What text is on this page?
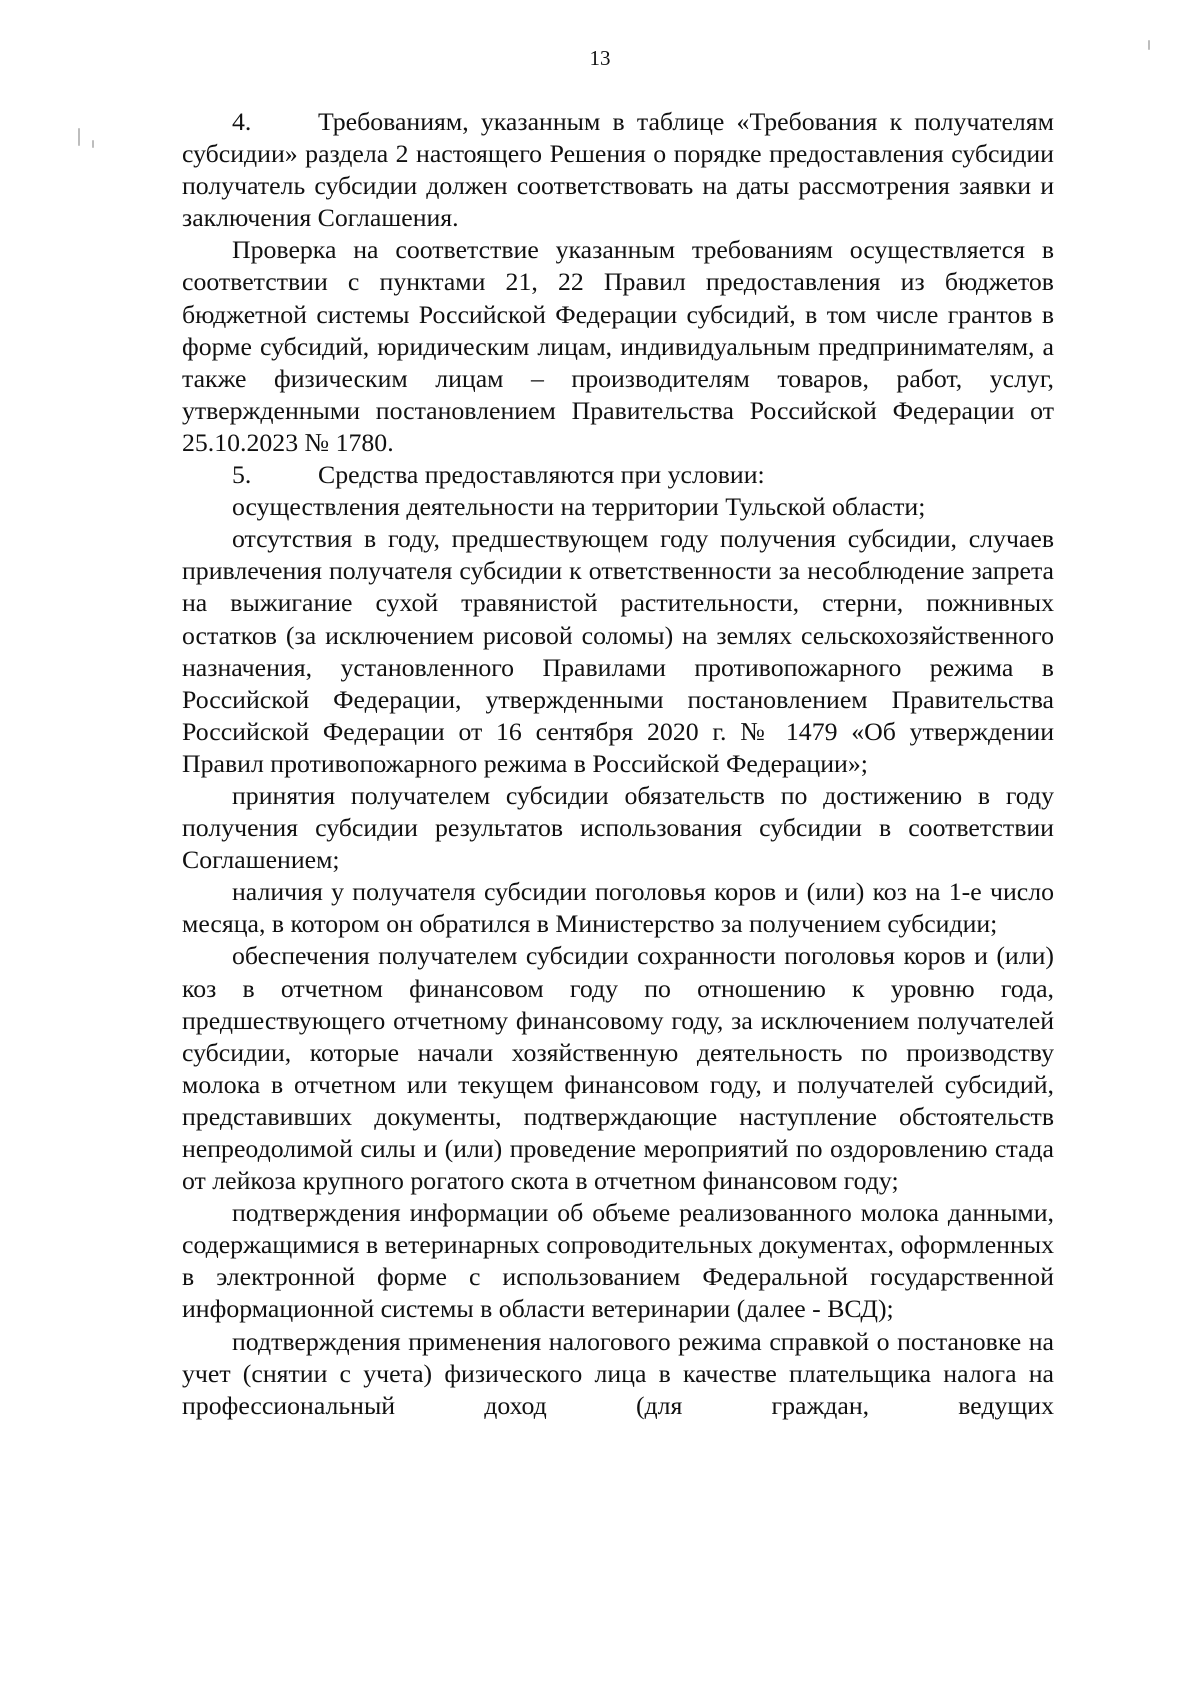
13

4.	Требованиям, указанным в таблице «Требования к получателям субсидии» раздела 2 настоящего Решения о порядке предоставления субсидии получатель субсидии должен соответствовать на даты рассмотрения заявки и заключения Соглашения.

Проверка на соответствие указанным требованиям осуществляется в соответствии с пунктами 21, 22 Правил предоставления из бюджетов бюджетной системы Российской Федерации субсидий, в том числе грантов в форме субсидий, юридическим лицам, индивидуальным предпринимателям, а также физическим лицам – производителям товаров, работ, услуг, утвержденными постановлением Правительства Российской Федерации от 25.10.2023 № 1780.

5.	Средства предоставляются при условии:

осуществления деятельности на территории Тульской области;

отсутствия в году, предшествующем году получения субсидии, случаев привлечения получателя субсидии к ответственности за несоблюдение запрета на выжигание сухой травянистой растительности, стерни, пожнивных остатков (за исключением рисовой соломы) на землях сельскохозяйственного назначения, установленного Правилами противопожарного режима в Российской Федерации, утвержденными постановлением Правительства Российской Федерации от 16 сентября 2020 г. № 1479 «Об утверждении Правил противопожарного режима в Российской Федерации»;

принятия получателем субсидии обязательств по достижению в году получения субсидии результатов использования субсидии в соответствии Соглашением;

наличия у получателя субсидии поголовья коров и (или) коз на 1-е число месяца, в котором он обратился в Министерство за получением субсидии;

обеспечения получателем субсидии сохранности поголовья коров и (или) коз в отчетном финансовом году по отношению к уровню года, предшествующего отчетному финансовому году, за исключением получателей субсидии, которые начали хозяйственную деятельность по производству молока в отчетном или текущем финансовом году, и получателей субсидий, представивших документы, подтверждающие наступление обстоятельств непреодолимой силы и (или) проведение мероприятий по оздоровлению стада от лейкоза крупного рогатого скота в отчетном финансовом году;

подтверждения информации об объеме реализованного молока данными, содержащимися в ветеринарных сопроводительных документах, оформленных в электронной форме с использованием Федеральной государственной информационной системы в области ветеринарии (далее - ВСД);

подтверждения применения налогового режима справкой о постановке на учет (снятии с учета) физического лица в качестве плательщика налога на профессиональный доход (для граждан, ведущих
